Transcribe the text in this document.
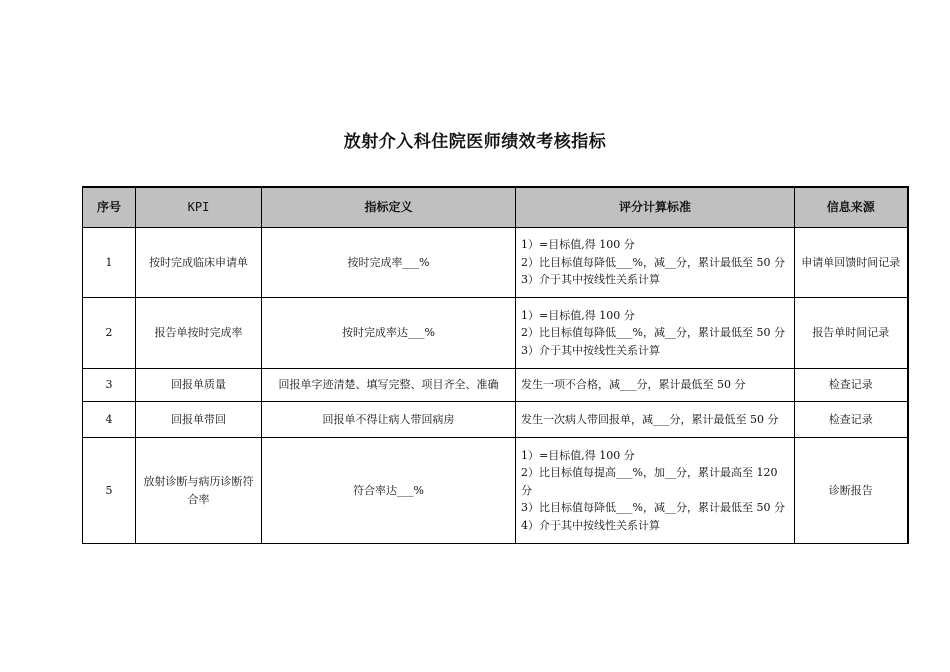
放射介入科住院医师绩效考核指标
序号	KPI	指标定义	评分计算标准	信息来源
1	按时完成临床申请单	按时完成率___%	1）=目标值,得 100 分
2）比目标值每降低___%，减__分，累计最低至 50 分
3）介于其中按线性关系计算	申请单回馈时间记录
2	报告单按时完成率	按时完成率达___%	1）=目标值,得 100 分
2）比目标值每降低___%，减__分，累计最低至 50 分
3）介于其中按线性关系计算	报告单时间记录
3	回报单质量	回报单字迹清楚、填写完整、项目齐全、准确	发生一项不合格，减___分，累计最低至 50 分	检查记录
4	回报单带回	回报单不得让病人带回病房	发生一次病人带回报单，减___分，累计最低至 50 分	检查记录
5	放射诊断与病历诊断符合率	符合率达___%	1）=目标值,得 100 分
2）比目标值每提高___%，加__分，累计最高至 120 分
3）比目标值每降低___%，减__分，累计最低至 50 分
4）介于其中按线性关系计算	诊断报告
